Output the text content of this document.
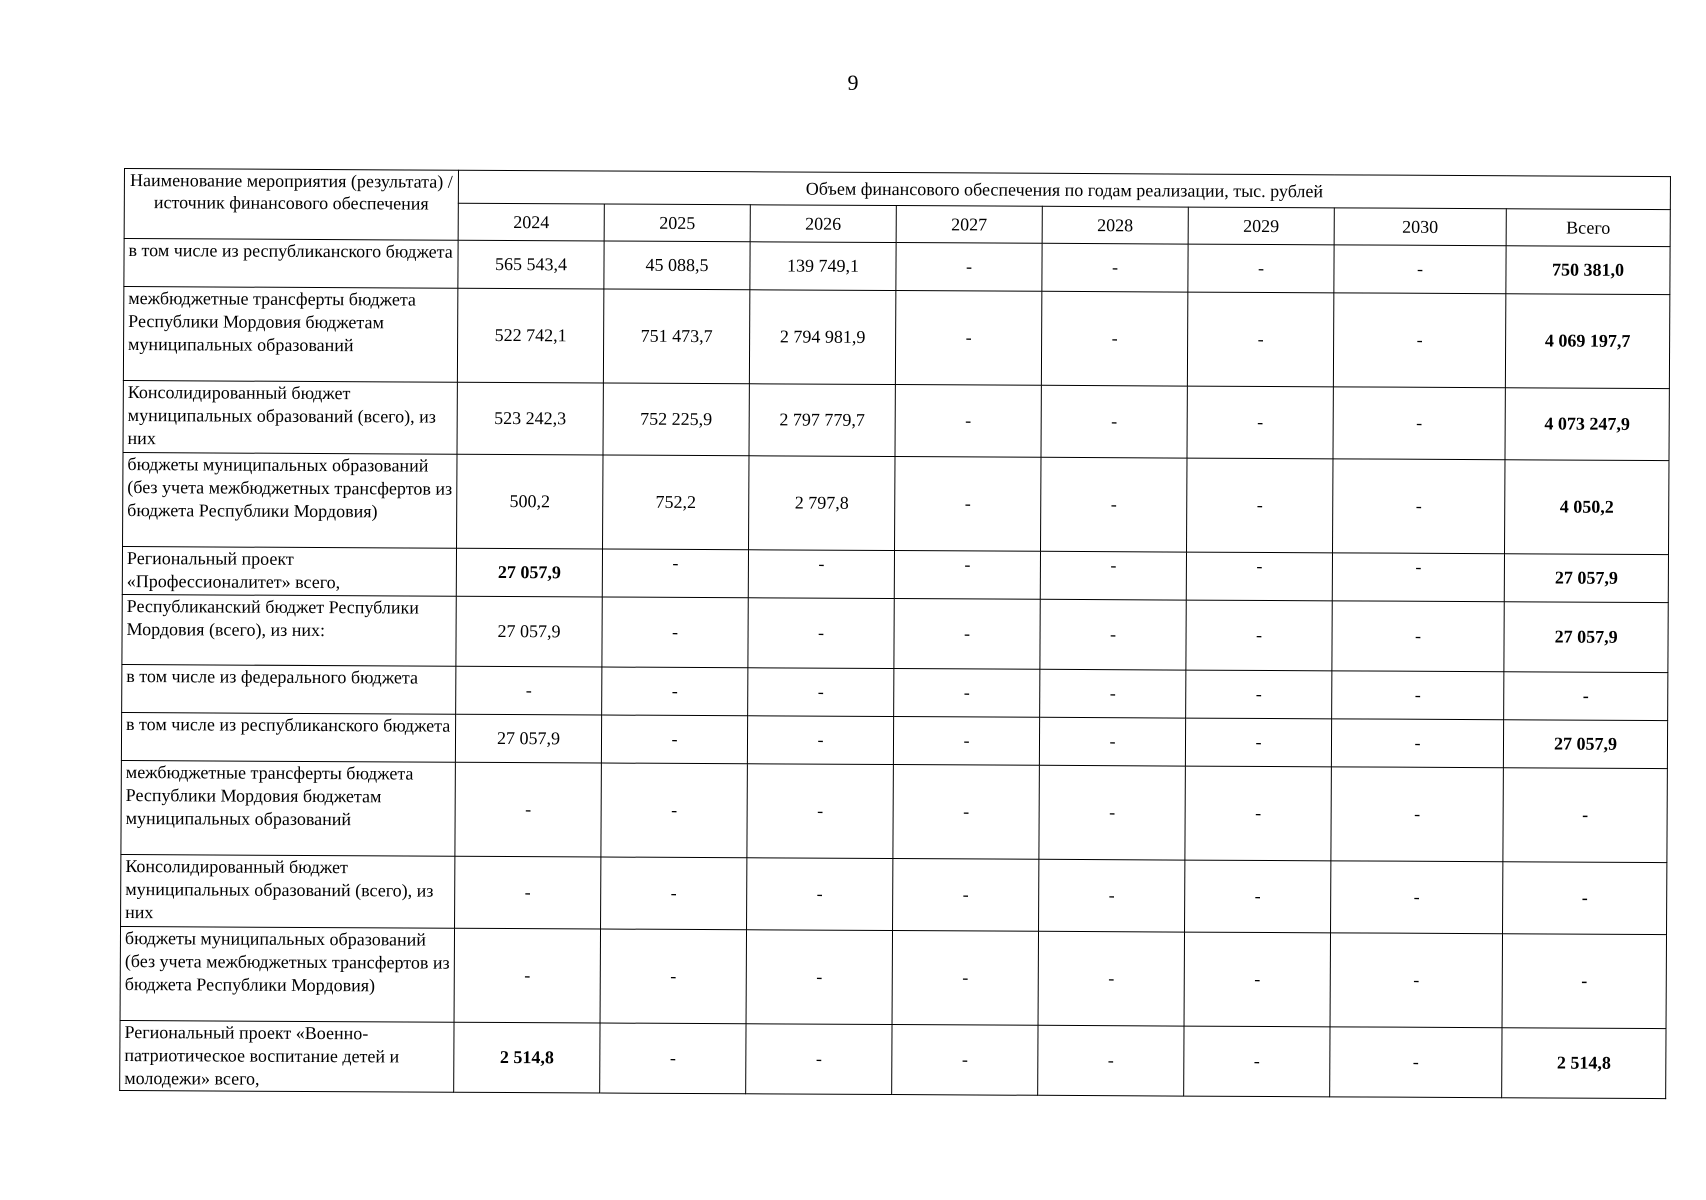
9
Наименование мероприятия (результата) / источник финансового обеспечения	Объем финансового обеспечения по годам реализации, тыс. рублей							
	2024	2025	2026	2027	2028	2029	2030	Всего
в том числе из республиканского бюджета	565 543,4	45 088,5	139 749,1	-	-	-	-	750 381,0
межбюджетные трансферты бюджета Республики Мордовия бюджетам муниципальных образований	522 742,1	751 473,7	2 794 981,9	-	-	-	-	4 069 197,7
Консолидированный бюджет муниципальных образований (всего), из них	523 242,3	752 225,9	2 797 779,7	-	-	-	-	4 073 247,9
бюджеты муниципальных образований (без учета межбюджетных трансфертов из бюджета Республики Мордовия)	500,2	752,2	2 797,8	-	-	-	-	4 050,2
Региональный проект «Профессионалитет» всего,	27 057,9	-	-	-	-	-	-	27 057,9
Республиканский бюджет Республики Мордовия (всего), из них:	27 057,9	-	-	-	-	-	-	27 057,9
в том числе из федерального бюджета	-	-	-	-	-	-	-	-
в том числе из республиканского бюджета	27 057,9	-	-	-	-	-	-	27 057,9
межбюджетные трансферты бюджета Республики Мордовия бюджетам муниципальных образований	-	-	-	-	-	-	-	-
Консолидированный бюджет муниципальных образований (всего), из них	-	-	-	-	-	-	-	-
бюджеты муниципальных образований (без учета межбюджетных трансфертов из бюджета Республики Мордовия)	-	-	-	-	-	-	-	-
Региональный проект «Военно-патриотическое воспитание детей и молодежи» всего,	2 514,8	-	-	-	-	-	-	2 514,8
